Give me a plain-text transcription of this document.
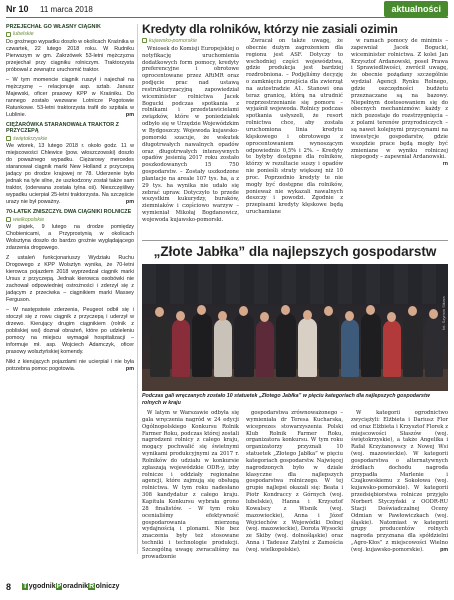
Nr 10 11 marca 2018	aktualności
PRZEJECHAŁ GO WŁASNY CIĄGNIK
lubelskie

Do groźnego wypadku doszło w okolicach Kraśnika w czwartek, 22 lutego 2018 roku. W Rudniku Pierwszym w gm. Zakrzówek 53-letni mężczyzna przejechał przy ciągniku rolniczym. Traktorzysta próbował z zewnątrz uruchomić traktor.

– W tym momencie ciągnik ruszył i najechał na mężczyznę – relacjonuje asp. sztab. Janusz Majewski, oficer prasowy KPP w Kraśniku. Do rannego zostało wezwane Lotnicze Pogotowie Ratunkowe. 53-letni traktorzysta trafił do szpitala w Lublinie.	pm

CIĘŻARÓWKA STARANOWAŁA TRAKTOR Z PRZYCZEPĄ
świętokrzyskie

We wtorek, 13 lutego 2018 r. około godz. 11 w miejscowości Chlewice (pow. włoszczowski) doszło do poważnego wypadku. Ciężarowy mercedes staranował ciągnik marki New Holland z przyczepą jadący po drodze krajowej nr 78. Uderzenie było jednak na tyle silne, że uszkodzony został także sam traktor, (oderwana została tylna oś). Nieszczęśliwy wypadku ucierpiał 25-letni traktorzysta. Na szczęście urazy nie był poważny.	pm

70-LATEK ZNISZCZYŁ DWA CIĄGNIKI ROLNICZE
wielkopolskie

W piątek, 9 lutego na drodze pomiędzy Chobienicami, a Przyprostynią w okolicach Wolsztyna doszło do bardzo groźnie wyglądającego zdarzenia drogowego.

Z ustaleń funkcjonariuszy Wydziału Ruchu Drogowego z KPP Wolsztyn wynika, że 70-letni kierowca pojazdem 2018 wyprzedzał ciągnik marki Ursus z przyczepą. Jednak kierowca osobówki nie zachował odpowiedniej ostrożności i zderzył się z jadącym z przeciwka – ciągnikiem marki Massey Ferguson.

– W następstwie zderzenia, Peugeot odbił się i stoczył się z rowu ciągnik z przyczepą i uderzył w drzewo. Kierujący drugim ciągnikiem (rolnik z pobliskiej wsi) doznał obrażeń, które po udzieleniu pomocy na miejscu wymagał hospitalizacji – informuje mł. asp. Wojciech Adamczyk, oficer prasowy wolsztyńskiej komendy.

Nikt z kierujących pojazdami nie ucierpiał i nie była potrzebna pomoc pogotowia.	pm

Kredyty dla rolników, którzy nie zasiali ozimin
kujawsko-pomorskie

Wniosek do Komisji Europejskiej o notyfikację uruchomienia dodatkowych form pomocy, kredyty preferencyjne i obrotowe oprocentowane przez ARiMR oraz podjęcie prac nad ustawą restrukturyzacyjną zapowiedział wiceminister rolnictwa Jacek Bogucki podczas spotkania z rolnikami i przedstawicielami związków, które w poniedziałek odbyło się w Urzędzie Wojewódzkim w Bydgoszczy. Wojewoda kujawsko-pomorski szacuje, że wskutek długotrwałych nawalnych opadów oraz długotrwałych intensywnych opadów jesienią 2017 roku zostało poszkodowanych 15 750 gospodarstw. – Zostały uszkodzone plantacje na areale 107 tys. ha, a z 29 tys. ha wynika nie udało się zebrać upraw. Dotyczyło to przede wszystkim kukurydzy, buraków, ziemniaków i częściowo warzyw – wymieniał Mikołaj Bogdanowicz, wojewoda kujawsko-pomorski.

Zwracał on także uwagę, że obecnie dużym zagrożeniem dla regionu jest ASF. Dotyczy to wschodniej części województwa, gdzie produkcja jest bardziej rozdrobniona. – Podjęliśmy decyzję o zamknięciu przejścia dla zwierząt na autostradzie A1. Stanowi ona teraz granicę, którą na utrudnić rozprzestrzenianie się pomoru – wyjaśnił wojewoda. Rolnicy podczas spotkania usłyszeli, że resort rolnictwa chce, aby została uruchomiona linia kredytu klęskowego i obrotowego z oprocentowaniem wynoszącym odpowiednio 0,5% i 2%. – Kredyty te byłyby dostępne dla rolników, którzy w rezultacie suszy i opadów nie ponieśli straty większej niż 10 proc. Poprzednio kredyty te nie mogły być dostępne dla rolników, ponieważ nie wykazali nawalnych deszczy i powodzi. Zgodnie z przepisami kredyty klęskowe będą uruchamiane

w ramach pomocy de minimis – zapewniał Jacek Bogucki, wiceminister rolnictwa. Z kolei Jan Krzysztof Ardanowski, poseł Prawa i Sprawiedliwości, zwrócił uwagę, że obecnie pożądany szczególnie wydział Agencji Rynku Rolnego, gdzie oszczędności budżetu przeznaczane są na bazowy. Niepełnym dostosowaniem się do obecnych mechanizmów: każdy z nich pozostaje do rozstrzygnięcia – z polami terenów przyrodniczych – są nawet kolejnymi przyczynami na inwestycje gospodarstw, gdzie wszędzie prace będą mogły być zmieniane w wyniku rolniczej niepogody – zapewniał Ardanowski.
rn

„Złote Jabłka” dla najlepszych gospodarstw
fot. Szymon Sikora
Podczas gali wręczanych zostało 10 statuetek „Złotego Jabłka” w pięciu kategoriach dla najlepszych gospodarstw rolnych w kraju

W latym w Warszawie odbyła się gala wręczenia nagród w 24 edycji Ogólnopolskiego Konkursu Rolnik Farmer Roku, podczas której zostali nagrodzeni rolnicy z całego kraju, mogący pochwalić się świetnymi wynikami produkcyjnymi za 2017 r. Rolników do udziału w konkursie zgłaszają wojewódzkie ODR-y, izby rolnicze i oddziały regionalne agencji, które zajmują się obsługą rolnictwa. W tym roku nadesłano 308 kandydatur z całego kraju. Kapituła Konkursu wybrała grono 28 finalistów. – W tym roku ocenialiśmy efektywność gospodarowania mierzoną wydajnością i plonami. Nie bez znaczenia były też stosowane techniki i technologie produkcji. Szczególną uwagę zwracaliśmy na prowadzenie

gospodarstwa zrównoważonego – wymieniała dr Teresa Kucharska, wiceprezes stowarzyszenia Polski Klub Rolnik Farmer Roku, organizatora konkursu. W tym roku organizatorzy przyznali 10 statuetek „Złotego Jabłka” w pięciu kategoriach gospodarstw. Najwięcej nagrodzonych było w dziale klasyczne dla najlepszych gospodarstwa rolniczego. W tej grupie najlepsi okazali się: Beata i Piotr Kondraccy z Górnych (woj. lubelskie), Hanna i Krzysztof Kowalscy z Wisnik (woj. mazowieckie), Anna i Józef Wojciechów z Wojewódki Dolnej (woj. mazowieckie), Dorota Wysocki ze Skiby (woj. dolnośląskie) oraz Anna i Tadeusz Zatylni z Zamościa (woj. wielkopolskie).

W kategorii ogrodnictwo zwyciężyli: Elżbieta i Dariusz Flor od oraz Elżbieta i Krzysztof Florek z miejscowości Słaszów (woj. świętokrzyskie), a także Angelika i Rafał Krzyżanowscy z Nowej Wsi (woj. mazowieckie). W kategorii gospodarstwa o alternatywnych źródłach dochodu nagroda przypadła Marlenie i Czajkowskiemu z Sokołowa (woj. kujawsko-pomorskie). W kategorii przedsiębiorstwa rolnicze przyjęło Norbert Styczyński z OODR-RU Stacji Doświadczalnej Oceny Odmian w Pawłowiczkach (woj. śląskie). Natomiast w kategorii grupy producentów rolnych nagroda przyznana dla spółdzielni „Agro-Kłos” z miejscowości Wielno (woj. kujawsko-pomorskie).	pm

8 T ygodnikP oradnikR olniczy
